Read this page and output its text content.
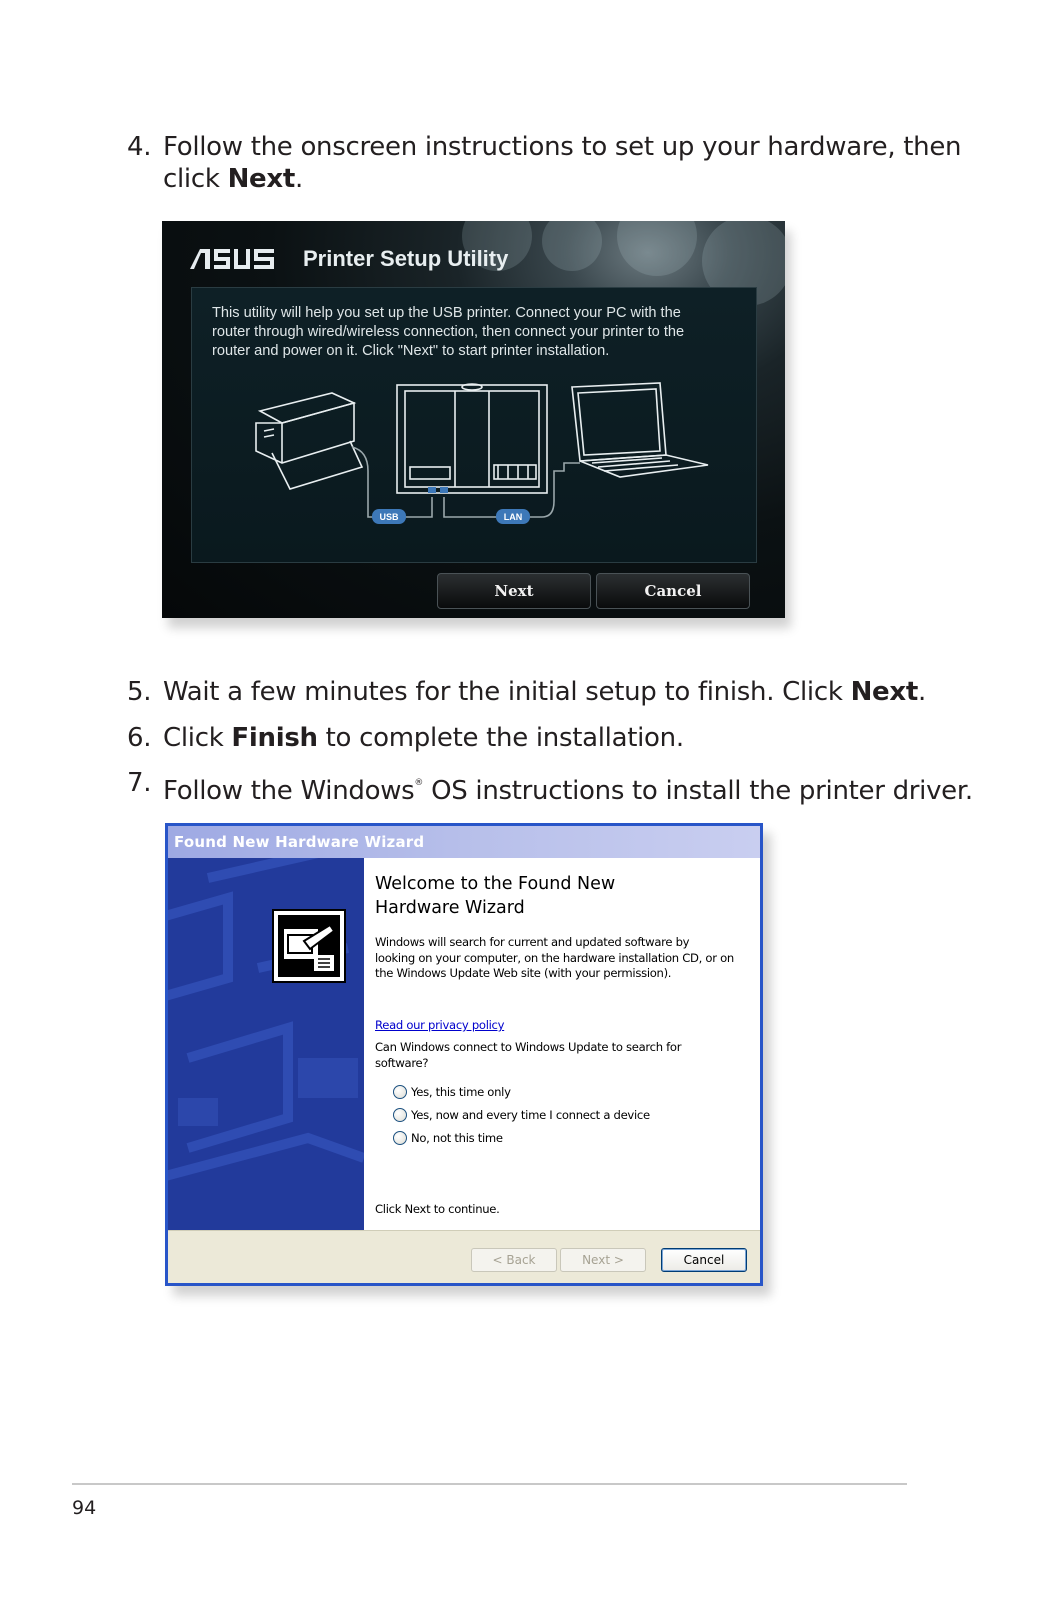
4. Follow the onscreen instructions to set up your hardware, then
click Next.
Printer Setup Utility

This utility will help you set up the USB printer. Connect your PC with the

router through wired/wireless connection, then connect your printer to the

router and power on it. Click "Next" to start printer installation.

USB	LAN
Next	Cancel
5. Wait a few minutes for the initial setup to finish. Click Next.
6. Click Finish to complete the installation.
7. Follow the Windows® OS instructions to install the printer driver.
Found New Hardware Wizard
Welcome to the Found New
Hardware Wizard
Windows will search for current and updated software by
looking on your computer, on the hardware installation CD, or on
the Windows Update Web site (with your permission).
Read our privacy policy
Can Windows connect to Windows Update to search for
software?
Yes, this time only
Yes, now and every time I connect a device
No, not this time
Click Next to continue.
< Back	Next >	Cancel
94
